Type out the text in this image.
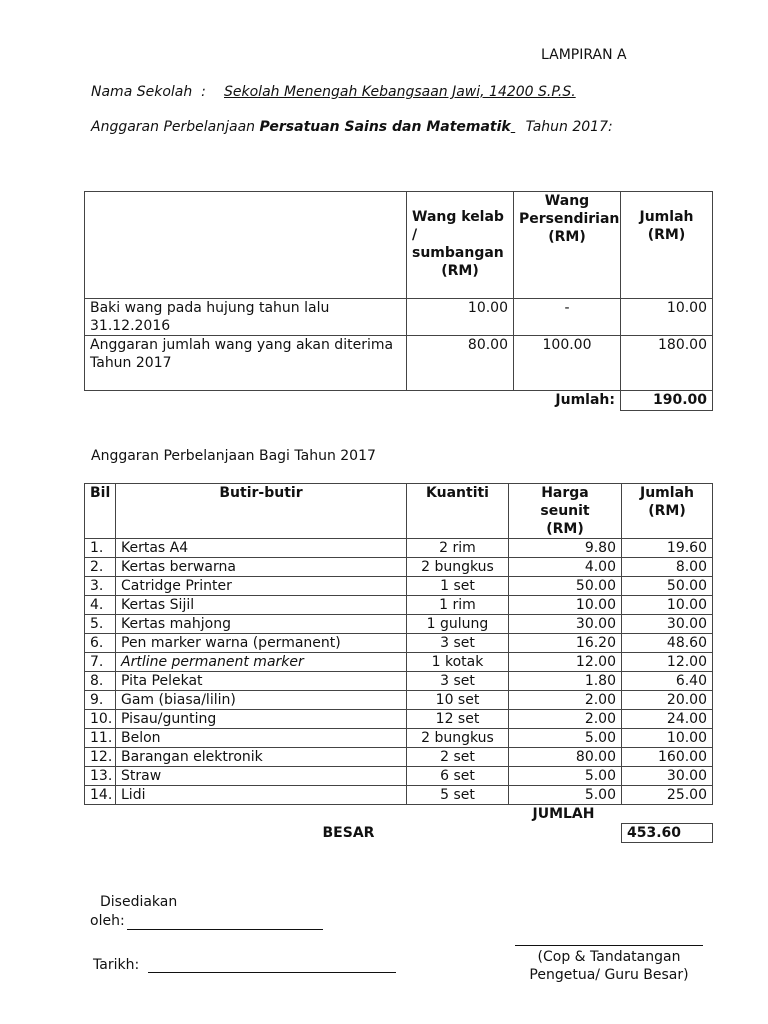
LAMPIRAN A
Nama Sekolah  : Sekolah Menengah Kebangsaan Jawi, 14200 S.P.S.
Anggaran Perbelanjaan Persatuan Sains dan Matematik Tahun 2017:

	Wang kelab / sumbangan
(RM)	Wang Persendirian (RM)	Jumlah (RM)

Baki wang pada hujung tahun lalu
31.12.2016	10.00	-	10.00

Anggaran jumlah wang yang akan diterima
Tahun 2017	80.00	100.00	180.00
		Jumlah:	190.00
Anggaran Perbelanjaan Bagi Tahun 2017
Bil	Butir-butir	Kuantiti	Harga seunit (RM)	Jumlah (RM)
1.	Kertas A4	2 rim	9.80	19.60
2.	Kertas berwarna	2 bungkus	4.00	8.00
3.	Catridge Printer	1 set	50.00	50.00
4.	Kertas Sijil	1 rim	10.00	10.00
5.	Kertas mahjong	1 gulung	30.00	30.00
6.	Pen marker warna (permanent)	3 set	16.20	48.60
7.	Artline permanent marker	1 kotak	12.00	12.00
8.	Pita Pelekat	3 set	1.80	6.40
9.	Gam (biasa/lilin)	10 set	2.00	20.00
10.	Pisau/gunting	12 set	2.00	24.00
11.	Belon	2 bungkus	5.00	10.00
12.	Barangan elektronik	2 set	80.00	160.00
13.	Straw	6 set	5.00	30.00
14.	Lidi	5 set	5.00	25.00
			JUMLAH	
BESAR				453.60
Disediakan
oleh:
Tarikh:	(Cop & Tandatangan
Pengetua/ Guru Besar)
